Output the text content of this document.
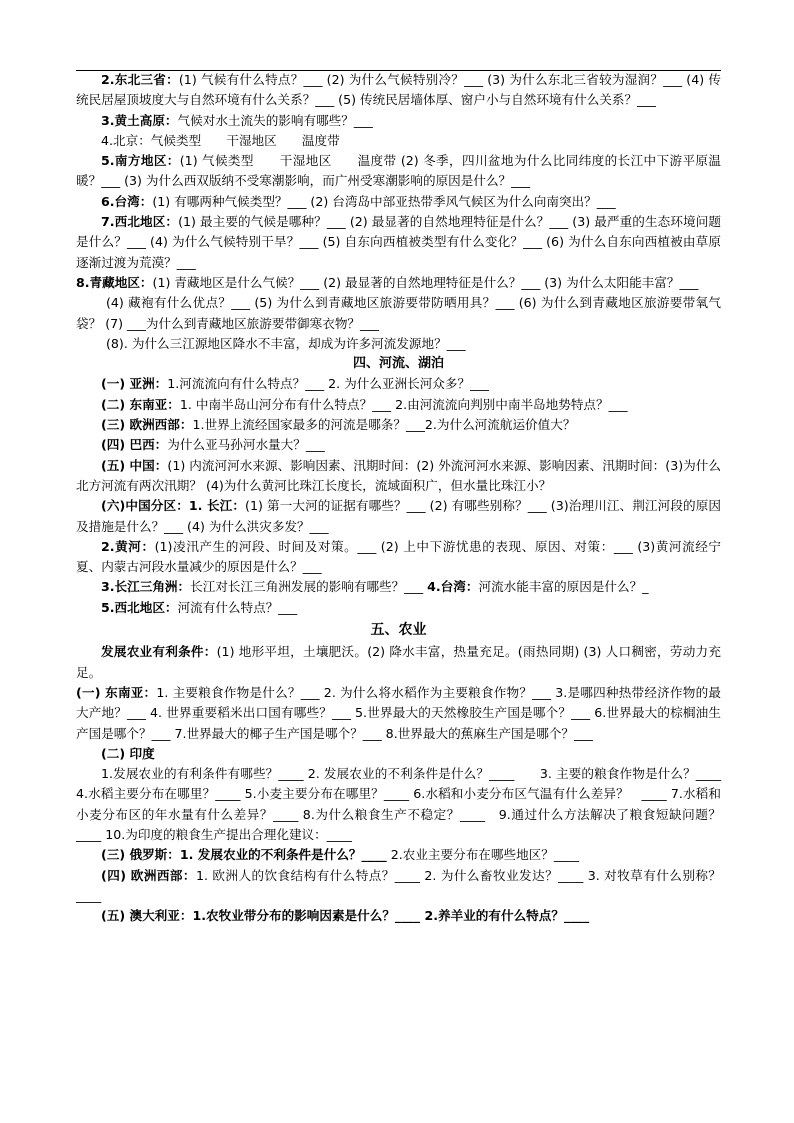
2.东北三省：(1) 气候有什么特点？___ (2) 为什么气候特别冷？___ (3) 为什么东北三省较为湿润？___ (4) 传统民居屋顶坡度大与自然环境有什么关系？___ (5) 传统民居墙体厚、窗户小与自然环境有什么关系？___

3.黄土高原：气候对水土流失的影响有哪些？___

4.北京：气候类型　　干湿地区　　温度带

5.南方地区：(1) 气候类型　　干湿地区　　温度带 (2) 冬季，四川盆地为什么比同纬度的长江中下游平原温暖？___ (3) 为什么西双版纳不受寒潮影响，而广州受寒潮影响的原因是什么？___

6.台湾：(1) 有哪两种气候类型？___ (2) 台湾岛中部亚热带季风气候区为什么向南突出？___

7.西北地区：(1) 最主要的气候是哪种？___ (2) 最显著的自然地理特征是什么？___ (3) 最严重的生态环境问题是什么？___ (4) 为什么气候特别干旱？___ (5) 自东向西植被类型有什么变化？___ (6) 为什么自东向西植被由草原逐渐过渡为荒漠？___

8.青藏地区：(1) 青藏地区是什么气候？___ (2) 最显著的自然地理特征是什么？___ (3) 为什么太阳能丰富？___

(4) 藏袍有什么优点？___ (5) 为什么到青藏地区旅游要带防晒用具？___ (6) 为什么到青藏地区旅游要带氧气袋？ (7) ___为什么到青藏地区旅游要带御寒衣物？___

(8). 为什么三江源地区降水不丰富，却成为许多河流发源地？___

四、河流、湖泊

(一) 亚洲：1.河流流向有什么特点？___ 2. 为什么亚洲长河众多？___

(二) 东南亚：1. 中南半岛山河分布有什么特点？___ 2.由河流流向判别中南半岛地势特点？___

(三) 欧洲西部：1.世界上流经国家最多的河流是哪条？___2.为什么河流航运价值大？

(四) 巴西：为什么亚马孙河水量大？___

(五) 中国：(1) 内流河河水来源、影响因素、汛期时间：(2) 外流河河水来源、影响因素、汛期时间：(3)为什么北方河流有两次汛期？ (4)为什么黄河比珠江长度长，流域面积广，但水量比珠江小？

(六)中国分区：1. 长江：(1) 第一大河的证据有哪些？___ (2) 有哪些别称？___ (3)治理川江、荆江河段的原因及措施是什么？___ (4) 为什么洪灾多发？___

2.黄河：(1)凌汛产生的河段、时间及对策。___ (2) 上中下游忧患的表现、原因、对策：___ (3)黄河流经宁夏、内蒙古河段水量减少的原因是什么？___

3.长江三角洲：长江对长江三角洲发展的影响有哪些？___ 4.台湾：河流水能丰富的原因是什么？_

5.西北地区：河流有什么特点？___

五、农业

发展农业有利条件：(1) 地形平坦，土壤肥沃。(2) 降水丰富，热量充足。(雨热同期) (3) 人口稠密，劳动力充足。

(一) 东南亚：1. 主要粮食作物是什么？___ 2. 为什么将水稻作为主要粮食作物？___ 3.是哪四种热带经济作物的最大产地？___ 4. 世界重要稻米出口国有哪些？___ 5.世界最大的天然橡胶生产国是哪个？___ 6.世界最大的棕榈油生产国是哪个？___ 7.世界最大的椰子生产国是哪个？___ 8.世界最大的蕉麻生产国是哪个？___

(二) 印度

1.发展农业的有利条件有哪些？____ 2. 发展农业的不利条件是什么？____　　3. 主要的粮食作物是什么？____ 4.水稻主要分布在哪里？____ 5.小麦主要分布在哪里？____ 6.水稻和小麦分布区气温有什么差异？　____ 7.水稻和小麦分布区的年水量有什么差异？____ 8.为什么粮食生产不稳定？____　9.通过什么方法解决了粮食短缺问题？____ 10.为印度的粮食生产提出合理化建议：____

(三) 俄罗斯：1. 发展农业的不利条件是什么？____ 2.农业主要分布在哪些地区？____

(四) 欧洲西部：1. 欧洲人的饮食结构有什么特点？____ 2. 为什么畜牧业发达？____ 3. 对牧草有什么别称？____

(五) 澳大利亚：1.农牧业带分布的影响因素是什么？____ 2.养羊业的有什么特点？____
